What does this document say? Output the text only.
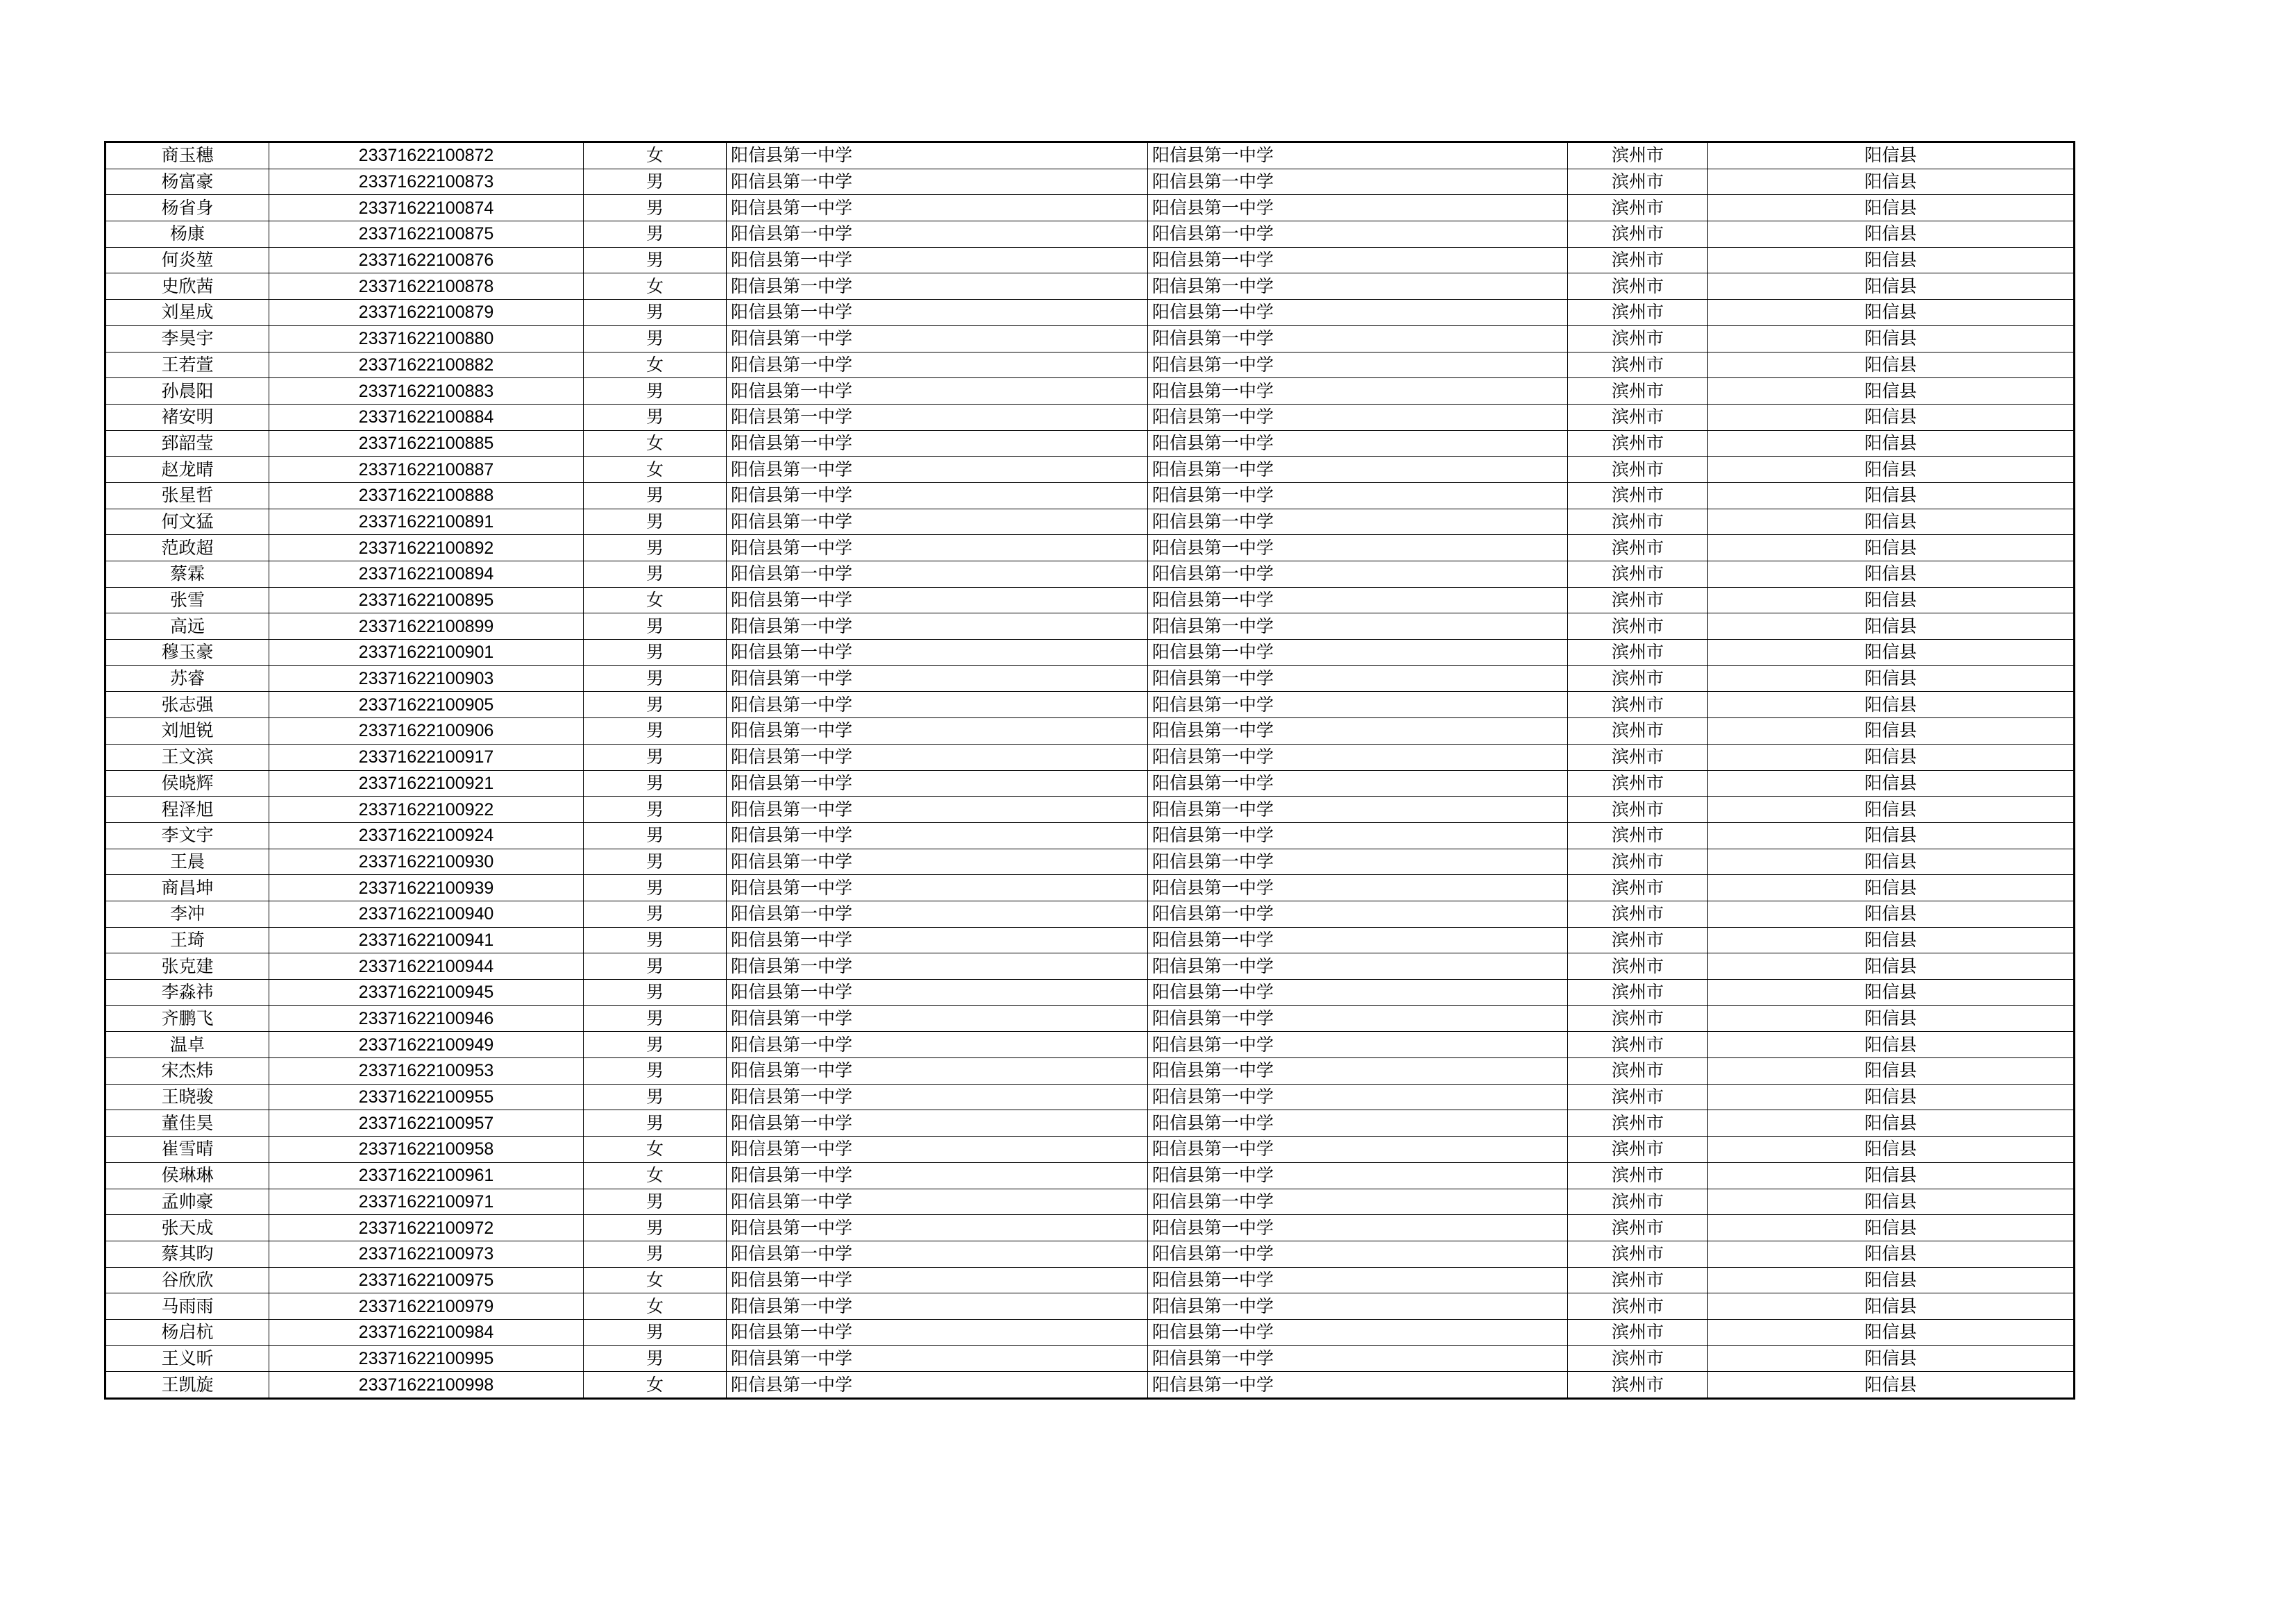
商玉穗	23371622100872	女	阳信县第一中学	阳信县第一中学	滨州市	阳信县
杨富豪	23371622100873	男	阳信县第一中学	阳信县第一中学	滨州市	阳信县
杨省身	23371622100874	男	阳信县第一中学	阳信县第一中学	滨州市	阳信县
杨康	23371622100875	男	阳信县第一中学	阳信县第一中学	滨州市	阳信县
何炎堃	23371622100876	男	阳信县第一中学	阳信县第一中学	滨州市	阳信县
史欣茜	23371622100878	女	阳信县第一中学	阳信县第一中学	滨州市	阳信县
刘星成	23371622100879	男	阳信县第一中学	阳信县第一中学	滨州市	阳信县
李昊宇	23371622100880	男	阳信县第一中学	阳信县第一中学	滨州市	阳信县
王若萱	23371622100882	女	阳信县第一中学	阳信县第一中学	滨州市	阳信县
孙晨阳	23371622100883	男	阳信县第一中学	阳信县第一中学	滨州市	阳信县
褚安明	23371622100884	男	阳信县第一中学	阳信县第一中学	滨州市	阳信县
郅韶莹	23371622100885	女	阳信县第一中学	阳信县第一中学	滨州市	阳信县
赵龙晴	23371622100887	女	阳信县第一中学	阳信县第一中学	滨州市	阳信县
张星哲	23371622100888	男	阳信县第一中学	阳信县第一中学	滨州市	阳信县
何文猛	23371622100891	男	阳信县第一中学	阳信县第一中学	滨州市	阳信县
范政超	23371622100892	男	阳信县第一中学	阳信县第一中学	滨州市	阳信县
蔡霖	23371622100894	男	阳信县第一中学	阳信县第一中学	滨州市	阳信县
张雪	23371622100895	女	阳信县第一中学	阳信县第一中学	滨州市	阳信县
高远	23371622100899	男	阳信县第一中学	阳信县第一中学	滨州市	阳信县
穆玉豪	23371622100901	男	阳信县第一中学	阳信县第一中学	滨州市	阳信县
苏睿	23371622100903	男	阳信县第一中学	阳信县第一中学	滨州市	阳信县
张志强	23371622100905	男	阳信县第一中学	阳信县第一中学	滨州市	阳信县
刘旭锐	23371622100906	男	阳信县第一中学	阳信县第一中学	滨州市	阳信县
王文滨	23371622100917	男	阳信县第一中学	阳信县第一中学	滨州市	阳信县
侯晓辉	23371622100921	男	阳信县第一中学	阳信县第一中学	滨州市	阳信县
程泽旭	23371622100922	男	阳信县第一中学	阳信县第一中学	滨州市	阳信县
李文宇	23371622100924	男	阳信县第一中学	阳信县第一中学	滨州市	阳信县
王晨	23371622100930	男	阳信县第一中学	阳信县第一中学	滨州市	阳信县
商昌坤	23371622100939	男	阳信县第一中学	阳信县第一中学	滨州市	阳信县
李冲	23371622100940	男	阳信县第一中学	阳信县第一中学	滨州市	阳信县
王琦	23371622100941	男	阳信县第一中学	阳信县第一中学	滨州市	阳信县
张克建	23371622100944	男	阳信县第一中学	阳信县第一中学	滨州市	阳信县
李淼祎	23371622100945	男	阳信县第一中学	阳信县第一中学	滨州市	阳信县
齐鹏飞	23371622100946	男	阳信县第一中学	阳信县第一中学	滨州市	阳信县
温卓	23371622100949	男	阳信县第一中学	阳信县第一中学	滨州市	阳信县
宋杰炜	23371622100953	男	阳信县第一中学	阳信县第一中学	滨州市	阳信县
王晓骏	23371622100955	男	阳信县第一中学	阳信县第一中学	滨州市	阳信县
董佳昊	23371622100957	男	阳信县第一中学	阳信县第一中学	滨州市	阳信县
崔雪晴	23371622100958	女	阳信县第一中学	阳信县第一中学	滨州市	阳信县
侯琳琳	23371622100961	女	阳信县第一中学	阳信县第一中学	滨州市	阳信县
孟帅豪	23371622100971	男	阳信县第一中学	阳信县第一中学	滨州市	阳信县
张天成	23371622100972	男	阳信县第一中学	阳信县第一中学	滨州市	阳信县
蔡其昀	23371622100973	男	阳信县第一中学	阳信县第一中学	滨州市	阳信县
谷欣欣	23371622100975	女	阳信县第一中学	阳信县第一中学	滨州市	阳信县
马雨雨	23371622100979	女	阳信县第一中学	阳信县第一中学	滨州市	阳信县
杨启杭	23371622100984	男	阳信县第一中学	阳信县第一中学	滨州市	阳信县
王义昕	23371622100995	男	阳信县第一中学	阳信县第一中学	滨州市	阳信县
王凯旋	23371622100998	女	阳信县第一中学	阳信县第一中学	滨州市	阳信县
